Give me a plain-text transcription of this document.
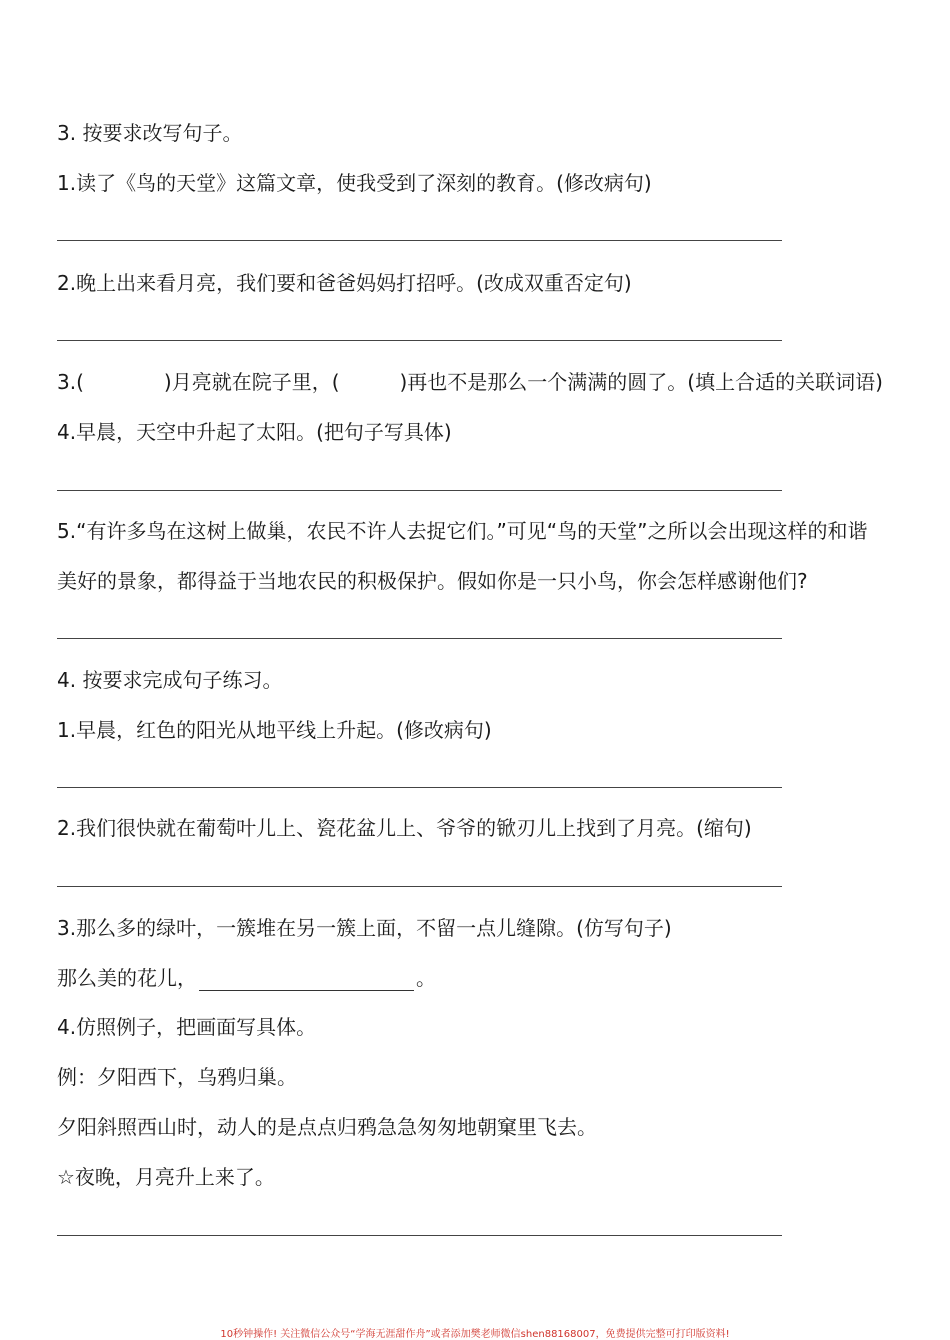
3. 按要求改写句子。
1.读了《鸟的天堂》这篇文章，使我受到了深刻的教育。(修改病句)
2.晚上出来看月亮，我们要和爸爸妈妈打招呼。(改成双重否定句)
3.(	)月亮就在院子里，(	)再也不是那么一个满满的圆了。(填上合适的关联词语)
4.早晨，天空中升起了太阳。(把句子写具体)
5.“有许多鸟在这树上做巢，农民不许人去捉它们。”可见“鸟的天堂”之所以会出现这样的和谐
美好的景象，都得益于当地农民的积极保护。假如你是一只小鸟，你会怎样感谢他们?
4. 按要求完成句子练习。
1.早晨，红色的阳光从地平线上升起。(修改病句)
2.我们很快就在葡萄叶儿上、瓷花盆儿上、爷爷的锨刃儿上找到了月亮。(缩句)
3.那么多的绿叶，一簇堆在另一簇上面，不留一点儿缝隙。(仿写句子)
那么美的花儿，	。
4.仿照例子，把画面写具体。
例：夕阳西下，乌鸦归巢。
夕阳斜照西山时，动人的是点点归鸦急急匆匆地朝窠里飞去。
☆夜晚，月亮升上来了。
10秒钟操作! 关注微信公众号“学海无涯甜作舟”或者添加樊老师微信shen88168007，免费提供完整可打印版资料!
